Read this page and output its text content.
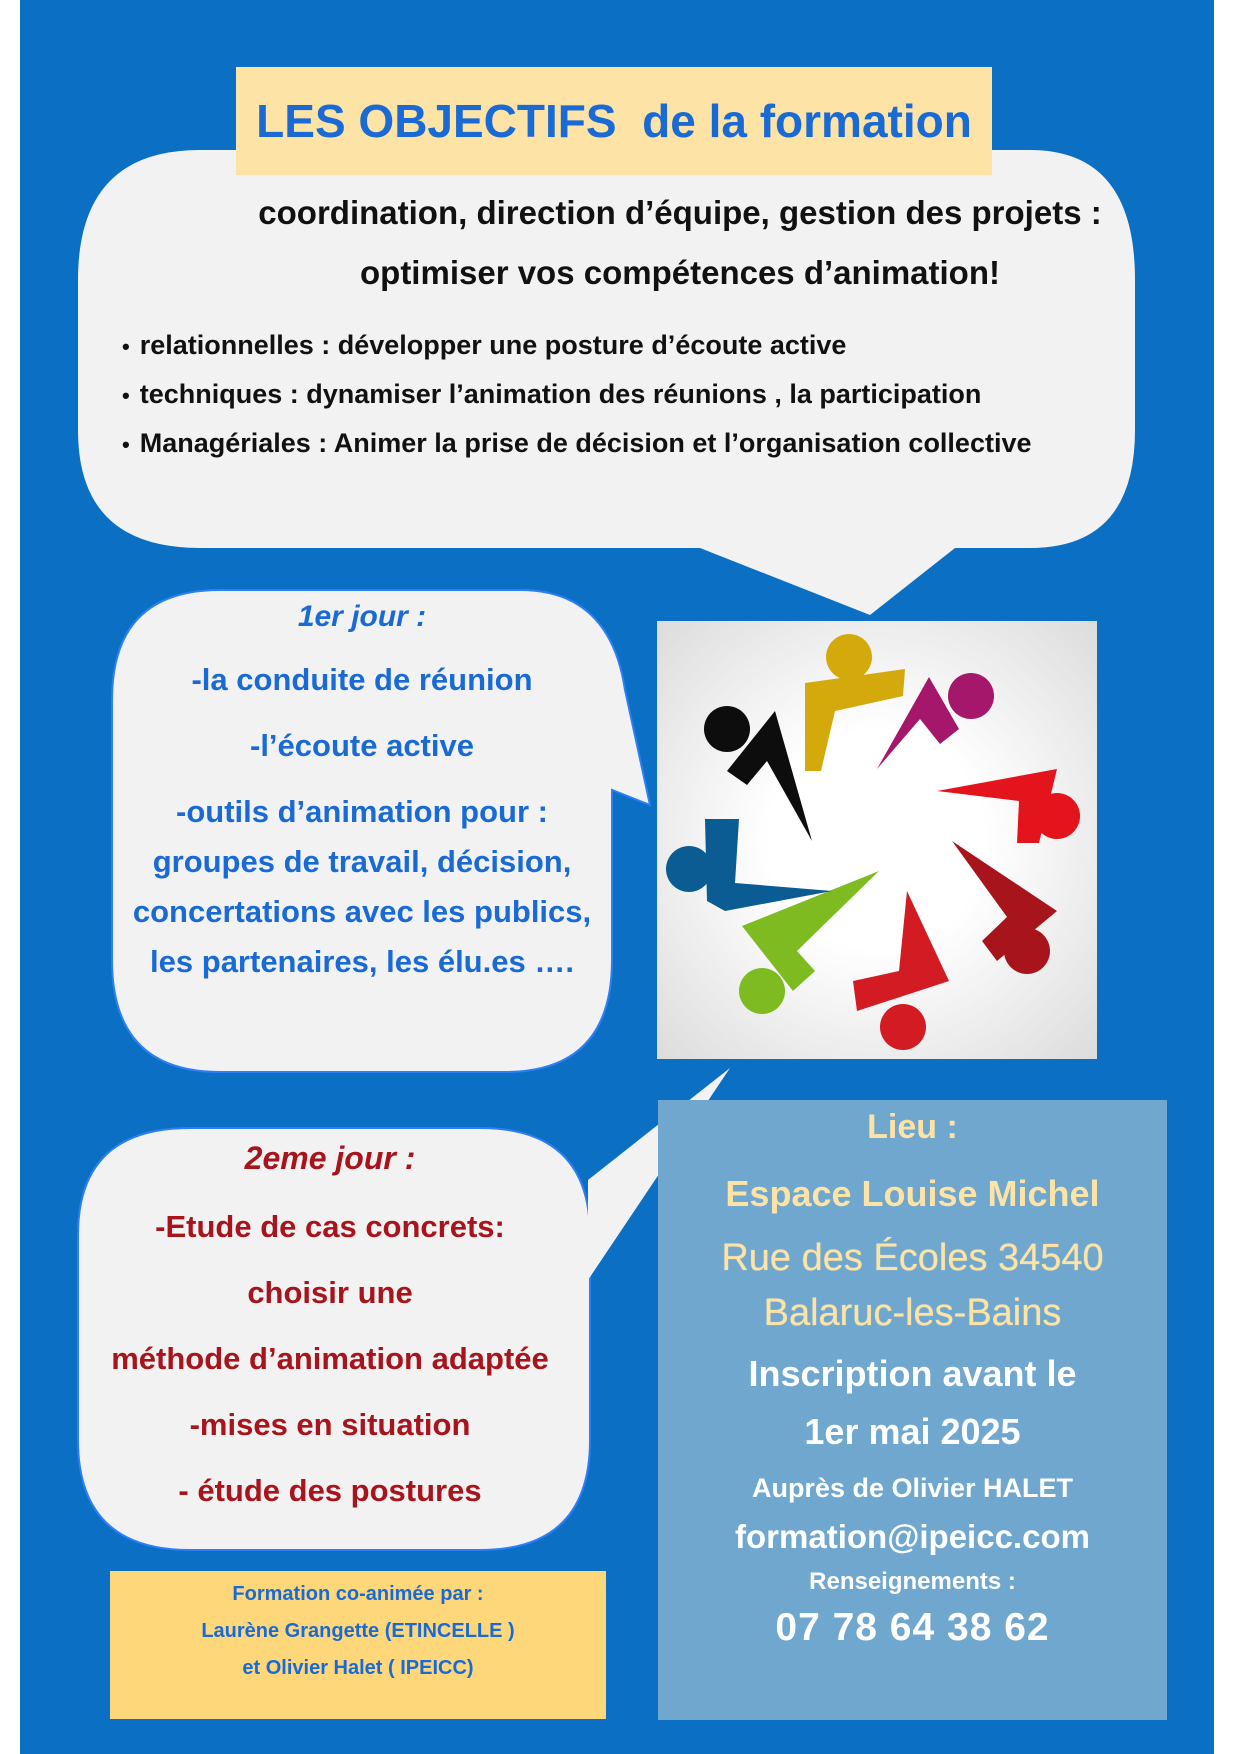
LES OBJECTIFS  de la formation
coordination, direction d’équipe, gestion des projets :
optimiser vos compétences d’animation!
• relationnelles : développer une posture d’écoute active
• techniques : dynamiser l’animation des réunions , la participation
• Managériales : Animer la prise de décision et l’organisation collective
1er jour :
-la conduite de réunion
-l’écoute active
-outils d’animation pour :
groupes de travail, décision,
concertations avec les publics,
les partenaires, les élu.es ….
2eme jour :
-Etude de cas concrets:
choisir une
méthode d’animation adaptée
-mises en situation
- étude des postures
Lieu :
Espace Louise Michel
Rue des Écoles 34540
Balaruc-les-Bains
Inscription avant le
1er mai 2025
Auprès de Olivier HALET
formation@ipeicc.com
Renseignements :
07 78 64 38 62
Formation co-animée par :
Laurène Grangette (ETINCELLE )
et Olivier Halet ( IPEICC)
